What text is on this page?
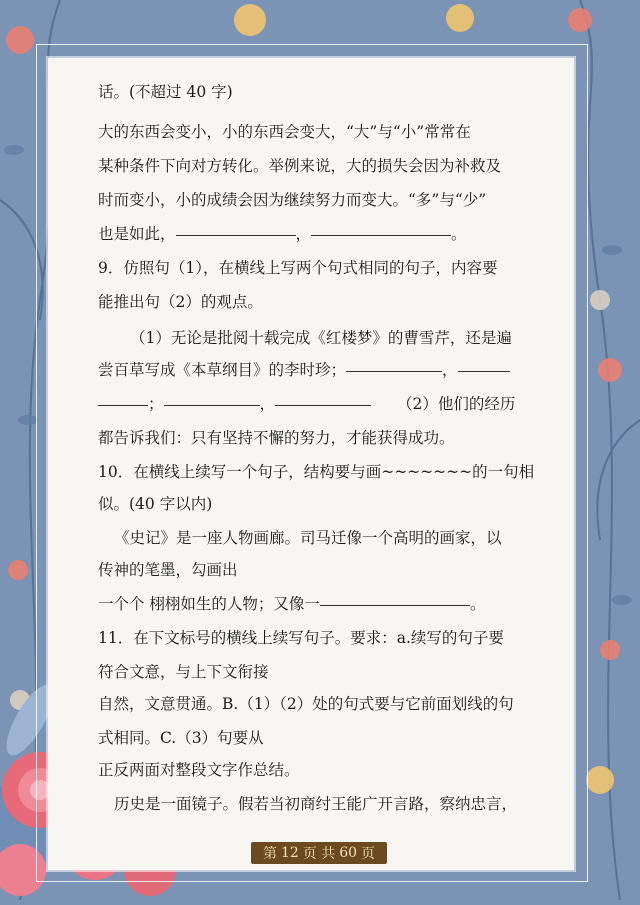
话。(不超过 40 字)
大的东西会变小，小的东西会变大，“大”与“小”常常在
某种条件下向对方转化。举例来说，大的损失会因为补救及
时而变小，小的成绩会因为继续努力而变大。“多”与“少”
也是如此，	，	。
9．仿照句（1），在横线上写两个句式相同的句子，内容要
能推出句（2）的观点。
（1）无论是批阅十载完成《红楼梦》的曹雪芹，还是遍
尝百草写成《本草纲目》的李时珍；	，
；	，	（2）他们的经历
都告诉我们：只有坚持不懈的努力，才能获得成功。
10．在横线上续写一个句子，结构要与画~~~~~~~的一句相
似。(40 字以内)
《史记》是一座人物画廊。司马迁像一个高明的画家，以
传神的笔墨，勾画出
一个个 栩栩如生的人物；又像一	。
11．在下文标号的横线上续写句子。要求：a.续写的句子要
符合文意，与上下文衔接
自然，文意贯通。B.（1）（2）处的句式要与它前面划线的句
式相同。C.（3）句要从
正反两面对整段文字作总结。
历史是一面镜子。假若当初商纣王能广开言路，察纳忠言，
第 12 页 共 60 页
